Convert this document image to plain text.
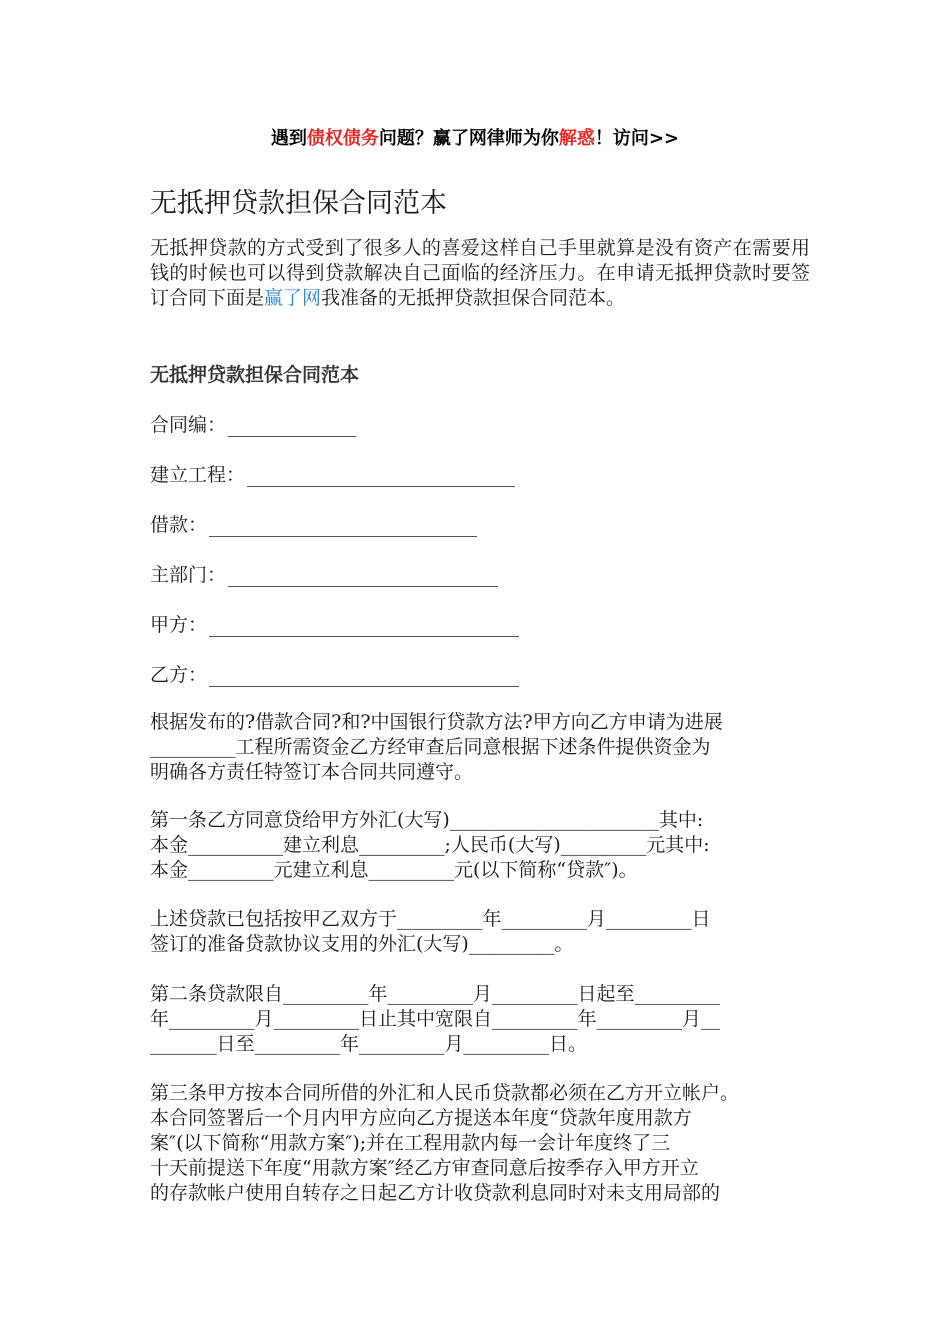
遇到债权债务问题？赢了网律师为你解惑！访问>>
无抵押贷款担保合同范本

无抵押贷款的方式受到了很多人的喜爱这样自己手里就算是没有资产在需要用钱的时候也可以得到贷款解决自己面临的经济压力。在申请无抵押贷款时要签订合同下面是赢了网我准备的无抵押贷款担保合同范本。

无抵押贷款担保合同范本
合同编：
建立工程：
借款：
主部门：
甲方：
乙方：

根据发布的?借款合同?和?中国银行贷款方法?甲方向乙方申请为进展
_________工程所需资金乙方经审查后同意根据下述条件提供资金为
明确各方责任特签订本合同共同遵守。

第一条乙方同意贷给甲方外汇(大写)______________________其中:
本金__________建立利息_________;人民币(大写)_________元其中:
本金_________元建立利息_________元(以下简称“贷款″)。

上述贷款已包括按甲乙双方于_________年_________月_________日
签订的准备贷款协议支用的外汇(大写)_________。

第二条贷款限自_________年_________月_________日起至_________
年_________月_________日止其中宽限自_________年_________月__
_______日至_________年_________月_________日。

第三条甲方按本合同所借的外汇和人民币贷款都必须在乙方开立帐户。
本合同签署后一个月内甲方应向乙方提送本年度“贷款年度用款方
案″(以下简称“用款方案″);并在工程用款内每一会计年度终了三
十天前提送下年度“用款方案″经乙方审查同意后按季存入甲方开立
的存款帐户使用自转存之日起乙方计收贷款利息同时对未支用局部的
